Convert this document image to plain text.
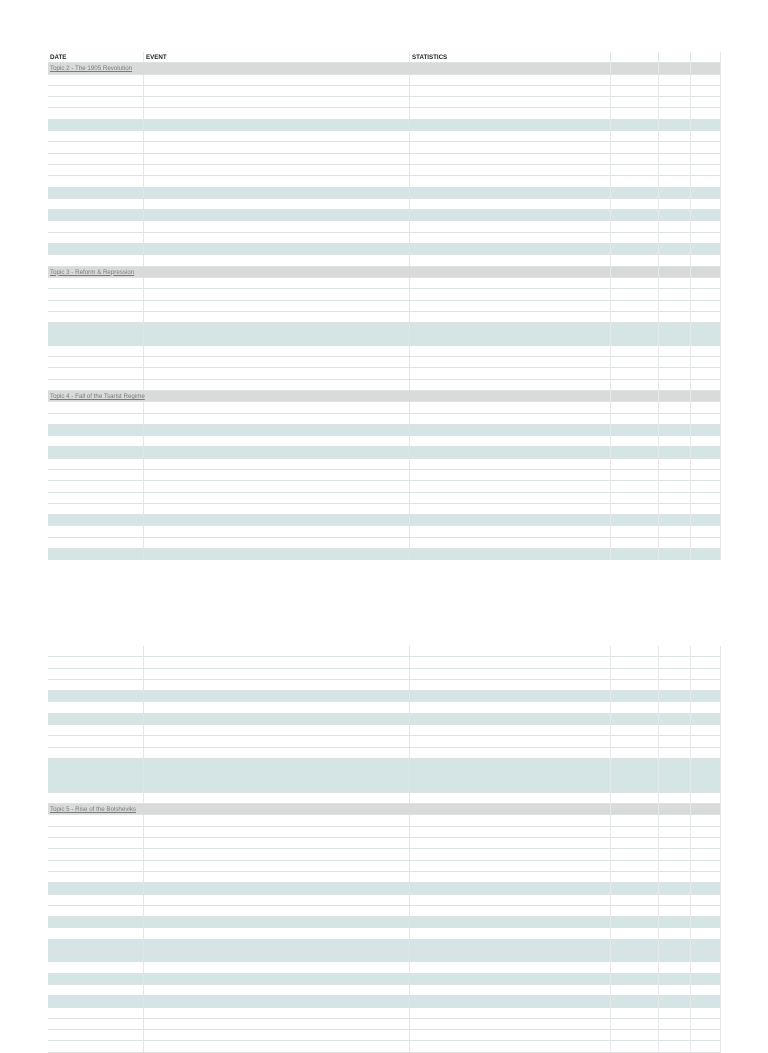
DATE	EVENT	STATISTICS
Topic 2 - The 1905 Revolution
Topic 3 - Reform & Repression
Topic 4 - Fall of the Tsarist Regime
Topic 5 - Rise of the Bolsheviks
